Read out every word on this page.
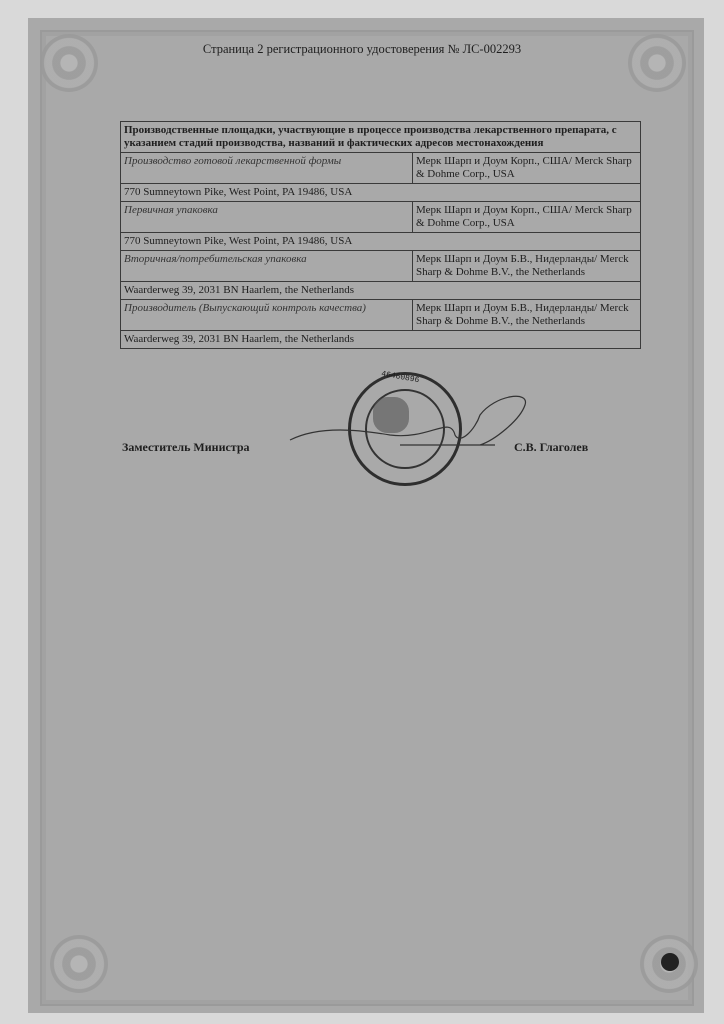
Страница 2 регистрационного удостоверения № ЛС-002293
Производственные площадки, участвующие в процессе производства лекарственного препарата, с указанием стадий производства, названий и фактических адресов местонахождения	
Производство готовой лекарственной формы	Мерк Шарп и Доум Корп., США/ Merck Sharp & Dohme Corp., USA
770 Sumneytown Pike, West Point, PA 19486, USA	
Первичная упаковка	Мерк Шарп и Доум Корп., США/ Merck Sharp & Dohme Corp., USA
770 Sumneytown Pike, West Point, PA 19486, USA	
Вторичная/потребительская упаковка	Мерк Шарп и Доум Б.В., Нидерланды/ Merck Sharp & Dohme B.V., the Netherlands
Waarderweg 39, 2031 BN Haarlem, the Netherlands	
Производитель (Выпускающий контроль качества)	Мерк Шарп и Доум Б.В., Нидерланды/ Merck Sharp & Dohme B.V., the Netherlands
Waarderweg 39, 2031 BN Haarlem, the Netherlands	
Заместитель Министра	С.В. Глаголев
46460896
